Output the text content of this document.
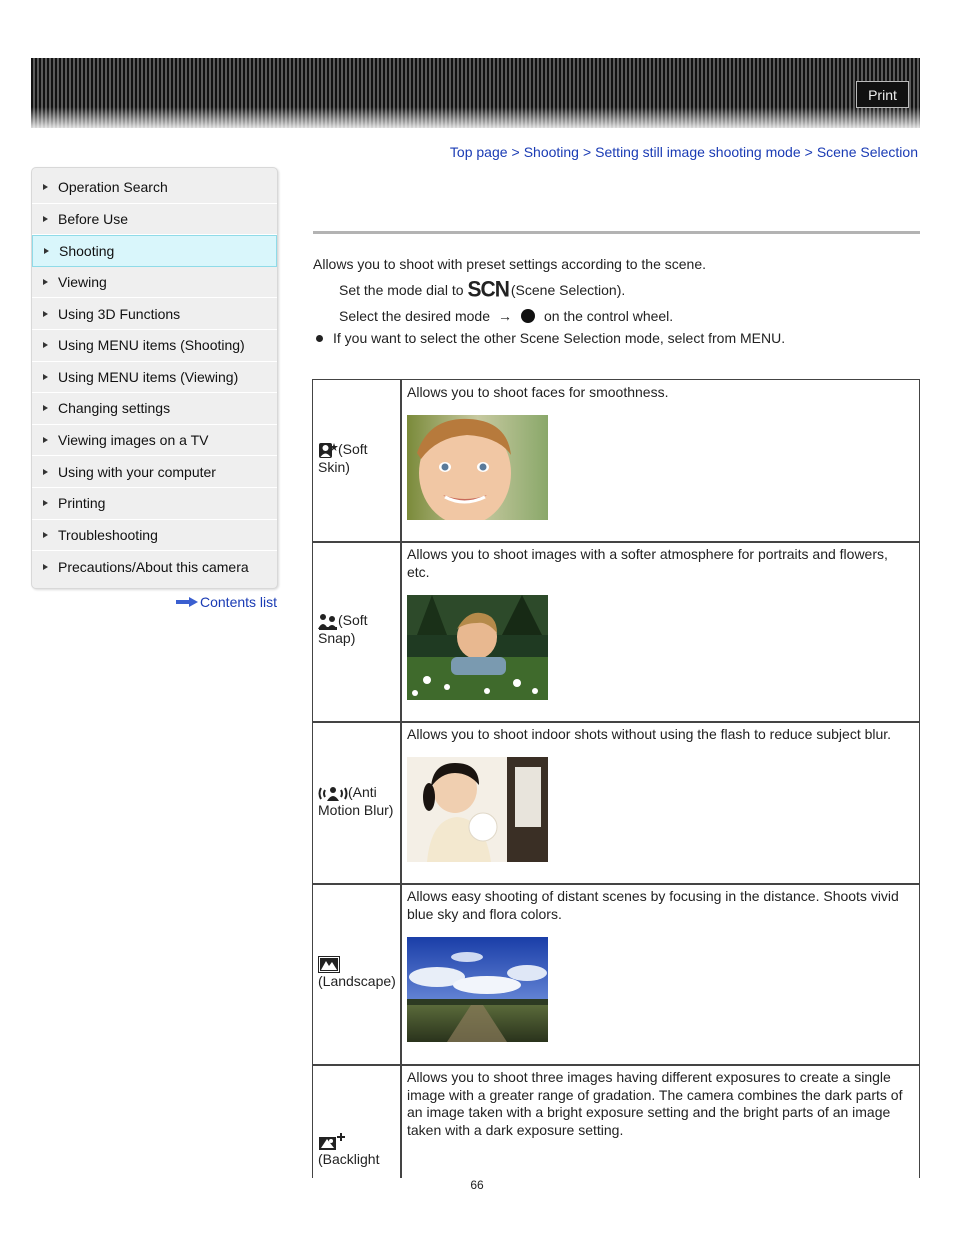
Print
Top page > Shooting > Setting still image shooting mode > Scene Selection
Operation Search
Before Use
Shooting
Viewing
Using 3D Functions
Using MENU items (Shooting)
Using MENU items (Viewing)
Changing settings
Viewing images on a TV
Using with your computer
Printing
Troubleshooting
Precautions/About this camera
Contents list
Allows you to shoot with preset settings according to the scene.
Set the mode dial to SCN (Scene Selection).
Select the desired mode → on the control wheel.
If you want to select the other Scene Selection mode, select from MENU.
(Soft
Skin)
Allows you to shoot faces for smoothness.
(Soft
Snap)
Allows you to shoot images with a softer atmosphere for portraits and flowers, etc.
(Anti
Motion Blur)
Allows you to shoot indoor shots without using the flash to reduce subject blur.

(Landscape)
Allows easy shooting of distant scenes by focusing in the distance. Shoots vivid blue sky and flora colors.

(Backlight
Allows you to shoot three images having different exposures to create a single image with a greater range of gradation. The camera combines the dark parts of an image taken with a bright exposure setting and the bright parts of an image taken with a dark exposure setting.
66
